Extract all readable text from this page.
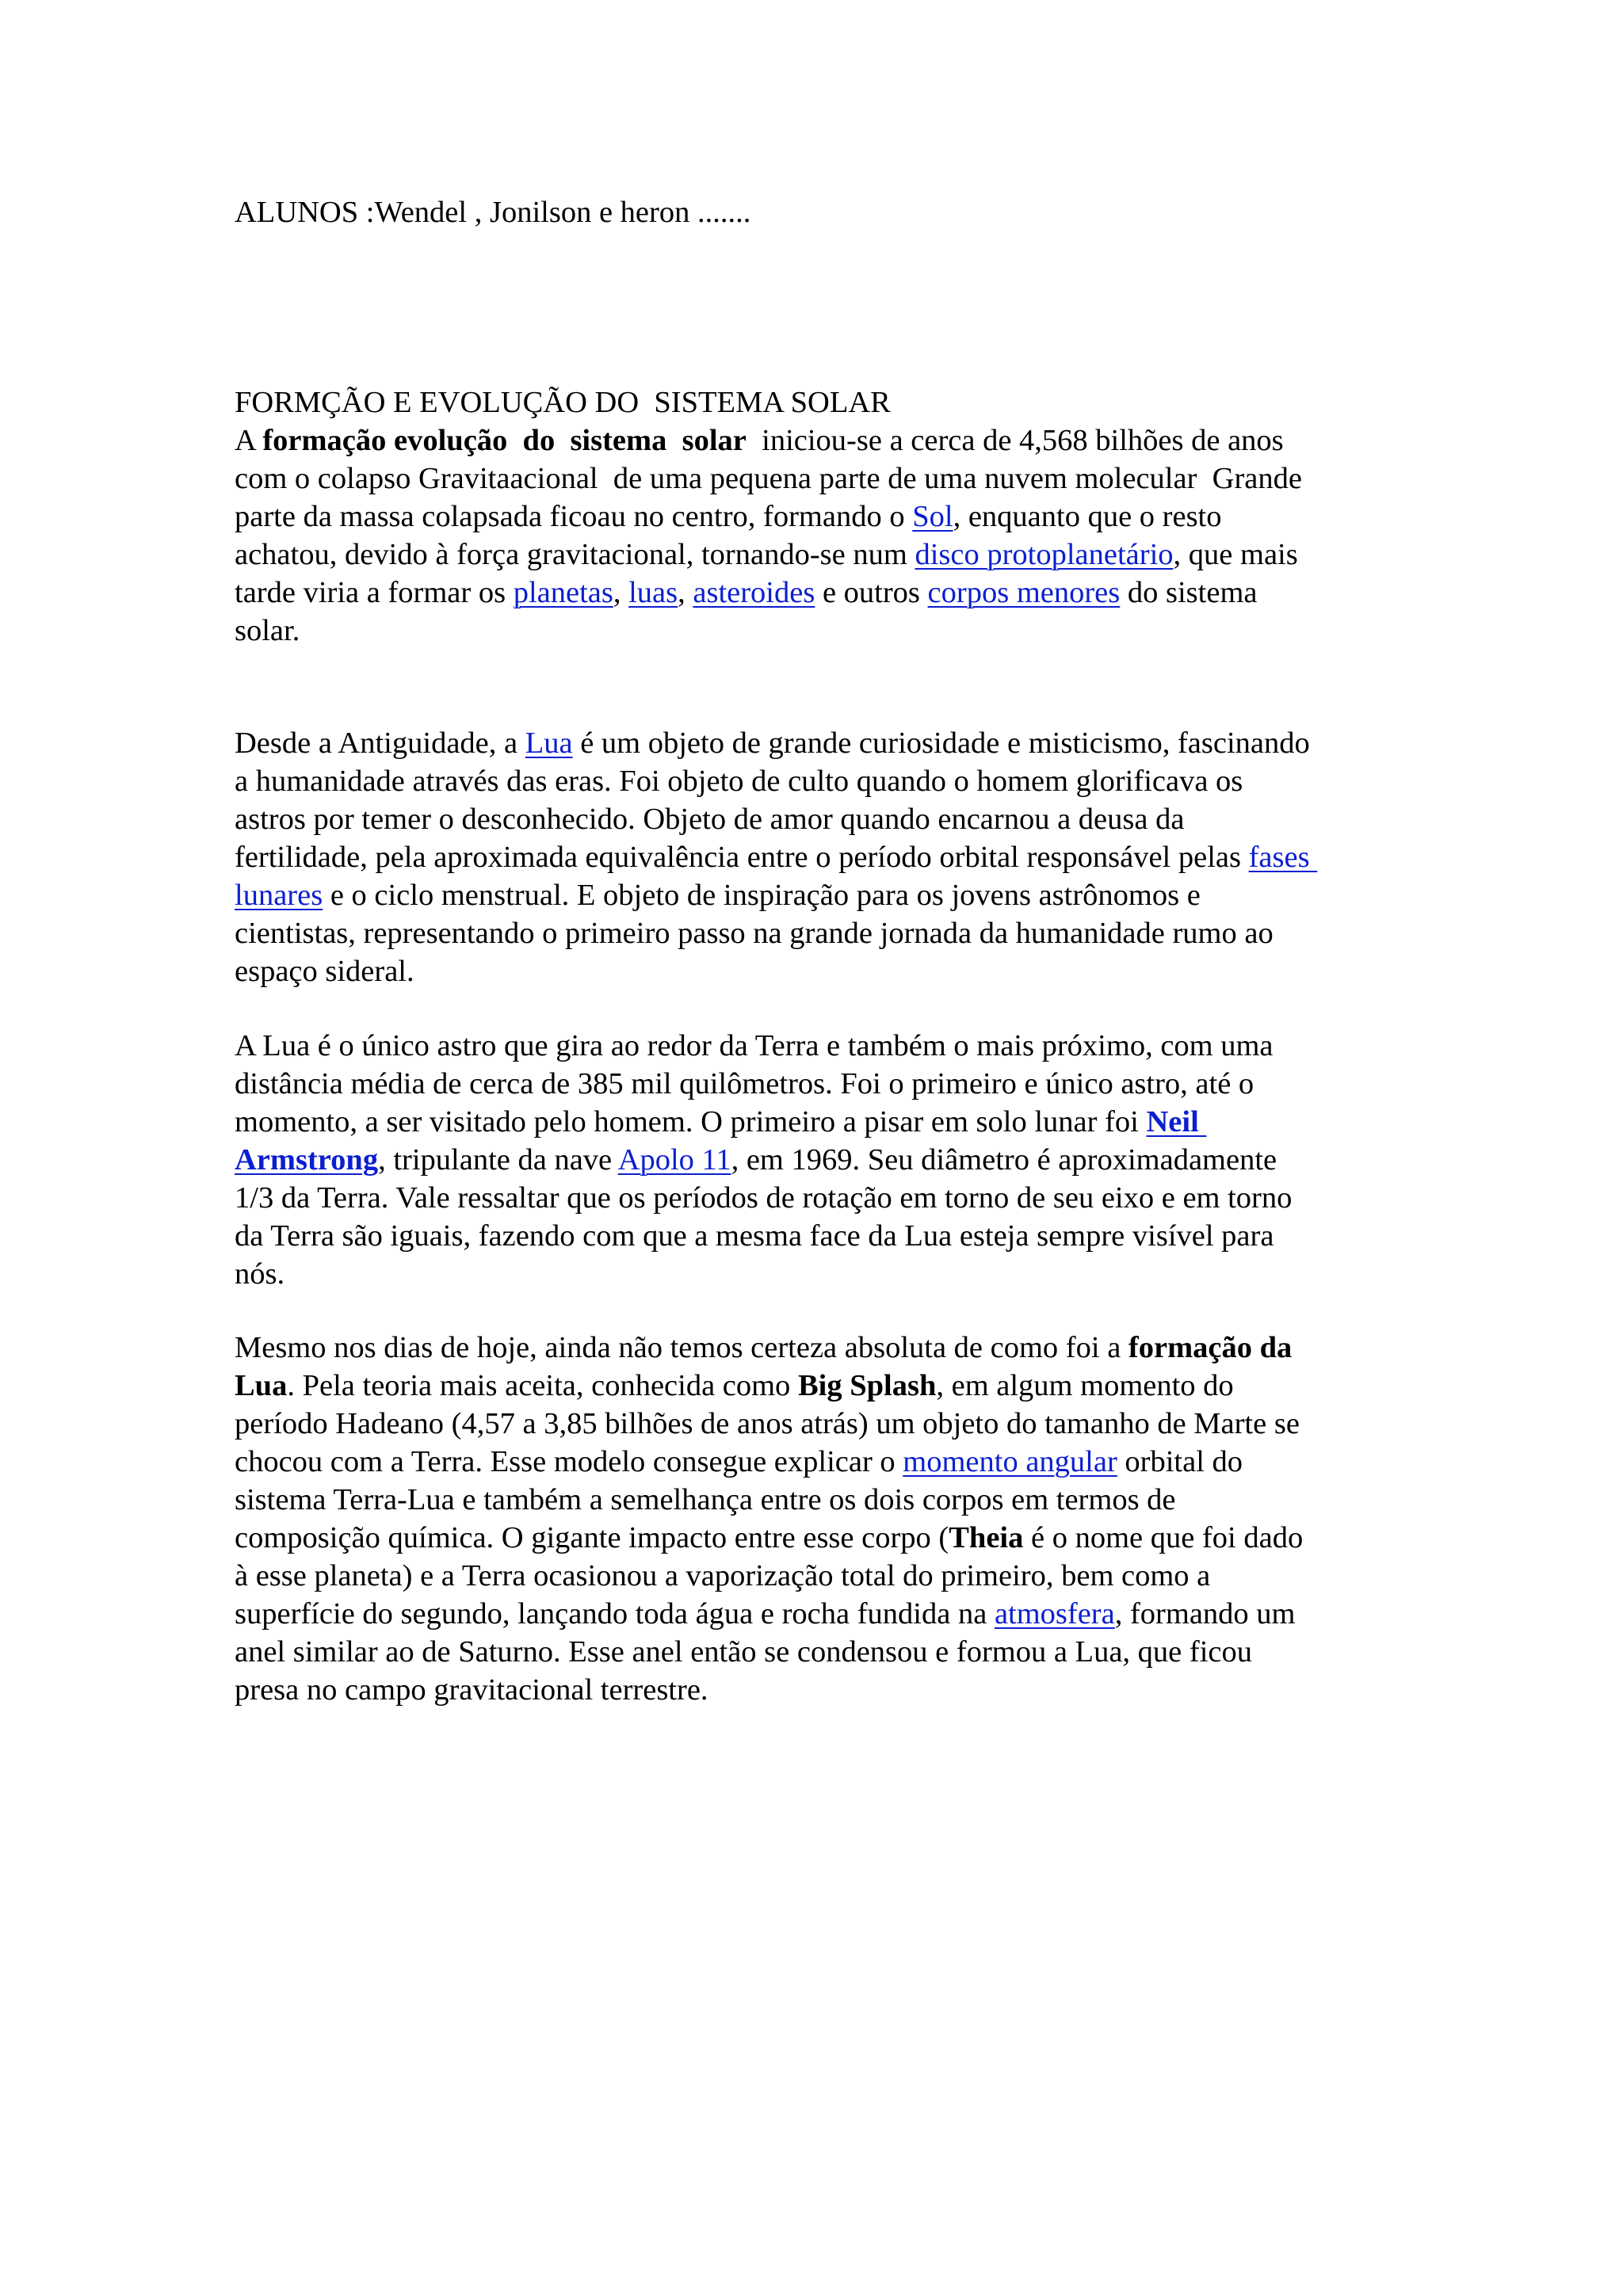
ALUNOS :Wendel , Jonilson e heron .......
FORMÇÃO E EVOLUÇÃO DO  SISTEMA SOLAR
A formação evolução  do  sistema  solar  iniciou-se a cerca de 4,568 bilhões de anos
com o colapso Gravitaacional  de uma pequena parte de uma nuvem molecular  Grande
parte da massa colapsada ficoau no centro, formando o Sol, enquanto que o resto
achatou, devido à força gravitacional, tornando-se num disco protoplanetário, que mais
tarde viria a formar os planetas, luas, asteroides e outros corpos menores do sistema
solar.
Desde a Antiguidade, a Lua é um objeto de grande curiosidade e misticismo, fascinando
a humanidade através das eras. Foi objeto de culto quando o homem glorificava os
astros por temer o desconhecido. Objeto de amor quando encarnou a deusa da
fertilidade, pela aproximada equivalência entre o período orbital responsável pelas fases
lunares e o ciclo menstrual. E objeto de inspiração para os jovens astrônomos e
cientistas, representando o primeiro passo na grande jornada da humanidade rumo ao
espaço sideral.
A Lua é o único astro que gira ao redor da Terra e também o mais próximo, com uma
distância média de cerca de 385 mil quilômetros. Foi o primeiro e único astro, até o
momento, a ser visitado pelo homem. O primeiro a pisar em solo lunar foi Neil
Armstrong, tripulante da nave Apolo 11, em 1969. Seu diâmetro é aproximadamente
1/3 da Terra. Vale ressaltar que os períodos de rotação em torno de seu eixo e em torno
da Terra são iguais, fazendo com que a mesma face da Lua esteja sempre visível para
nós.
Mesmo nos dias de hoje, ainda não temos certeza absoluta de como foi a formação da
Lua. Pela teoria mais aceita, conhecida como Big Splash, em algum momento do
período Hadeano (4,57 a 3,85 bilhões de anos atrás) um objeto do tamanho de Marte se
chocou com a Terra. Esse modelo consegue explicar o momento angular orbital do
sistema Terra-Lua e também a semelhança entre os dois corpos em termos de
composição química. O gigante impacto entre esse corpo (Theia é o nome que foi dado
à esse planeta) e a Terra ocasionou a vaporização total do primeiro, bem como a
superfície do segundo, lançando toda água e rocha fundida na atmosfera, formando um
anel similar ao de Saturno. Esse anel então se condensou e formou a Lua, que ficou
presa no campo gravitacional terrestre.
